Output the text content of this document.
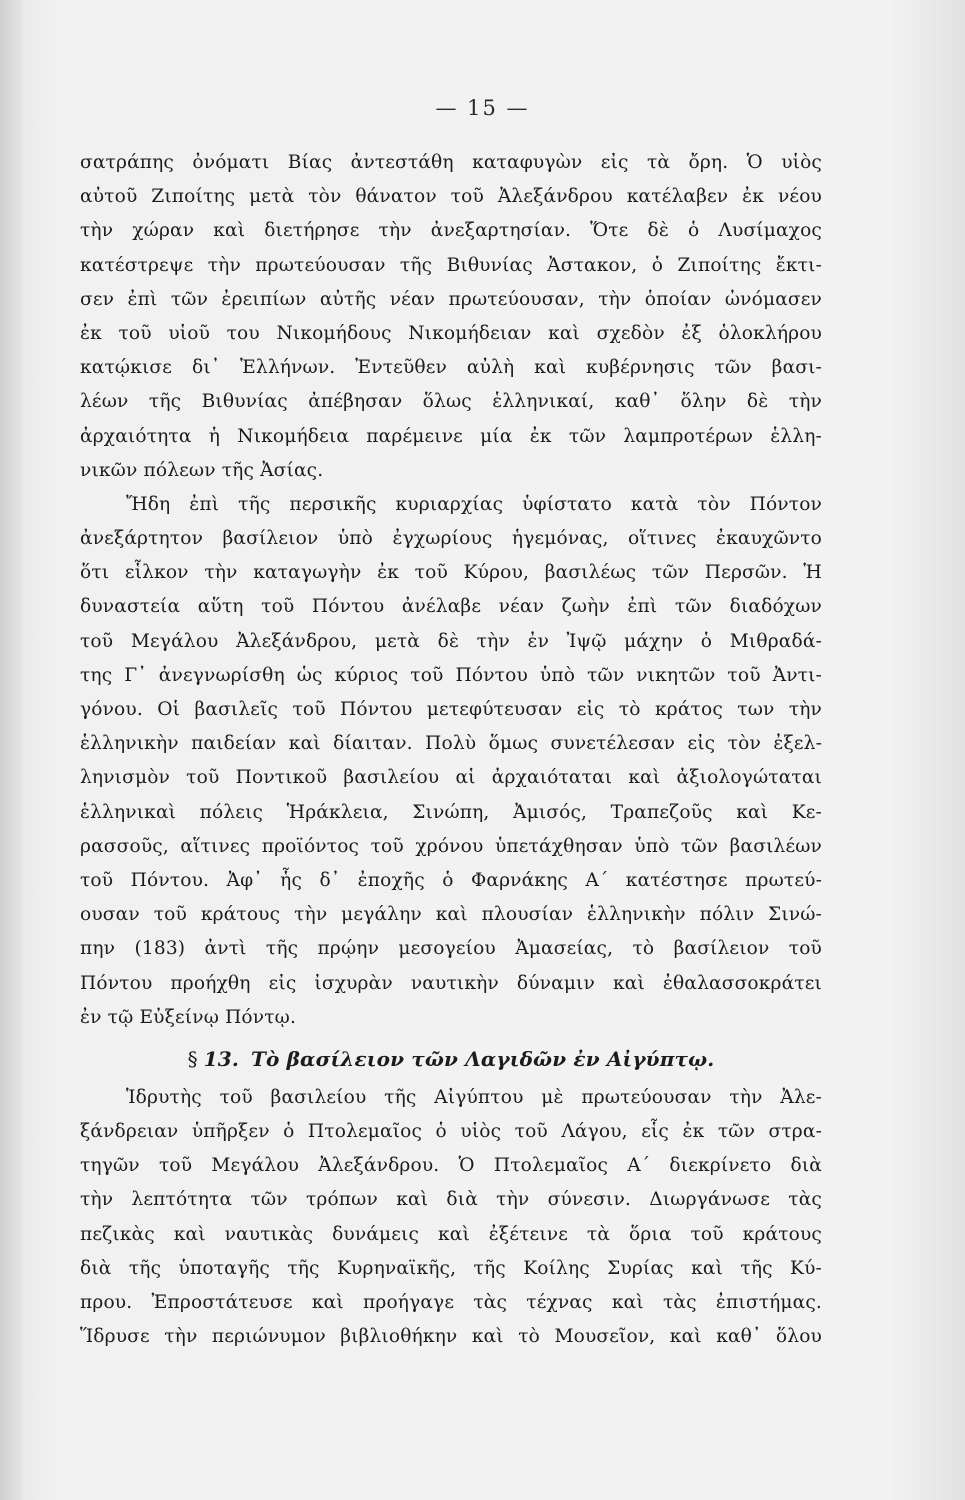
— 15 —
σατράπης ὀνόματι Βίας ἀντεστάθη καταφυγὼν εἰς τὰ ὄρη. Ὁ υἱὸς
αὐτοῦ Ζιποίτης μετὰ τὸν θάνατον τοῦ Ἀλεξάνδρου κατέλαβεν ἐκ νέου
τὴν χώραν καὶ διετήρησε τὴν ἀνεξαρτησίαν. Ὅτε δὲ ὁ Λυσίμαχος
κατέστρεψε τὴν πρωτεύουσαν τῆς Βιθυνίας Ἀστακον, ὁ Ζιποίτης ἔκτι-
σεν ἐπὶ τῶν ἐρειπίων αὐτῆς νέαν πρωτεύουσαν, τὴν ὁποίαν ὠνόμασεν
ἐκ τοῦ υἱοῦ του Νικομήδους Νικομήδειαν καὶ σχεδὸν ἐξ ὁλοκλήρου
κατῴκισε δι᾽ Ἑλλήνων. Ἐντεῦθεν αὐλὴ καὶ κυβέρνησις τῶν βασι-
λέων τῆς Βιθυνίας ἀπέβησαν ὅλως ἑλληνικαί, καθ᾽ ὅλην δὲ τὴν
ἀρχαιότητα ἡ Νικομήδεια παρέμεινε μία ἐκ τῶν λαμπροτέρων ἑλλη-
νικῶν πόλεων τῆς Ἀσίας.
Ἤδη ἐπὶ τῆς περσικῆς κυριαρχίας ὑφίστατο κατὰ τὸν Πόντον
ἀνεξάρτητον βασίλειον ὑπὸ ἐγχωρίους ἡγεμόνας, οἵτινες ἐκαυχῶντο
ὅτι εἷλκον τὴν καταγωγὴν ἐκ τοῦ Κύρου, βασιλέως τῶν Περσῶν. Ἡ
δυναστεία αὕτη τοῦ Πόντου ἀνέλαβε νέαν ζωὴν ἐπὶ τῶν διαδόχων
τοῦ Μεγάλου Ἀλεξάνδρου, μετὰ δὲ τὴν ἐν Ἰψῷ μάχην ὁ Μιθραδά-
της Γ᾽ ἀνεγνωρίσθη ὡς κύριος τοῦ Πόντου ὑπὸ τῶν νικητῶν τοῦ Ἀντι-
γόνου. Οἱ βασιλεῖς τοῦ Πόντου μετεφύτευσαν εἰς τὸ κράτος των τὴν
ἑλληνικὴν παιδείαν καὶ δίαιταν. Πολὺ ὅμως συνετέλεσαν εἰς τὸν ἐξελ-
ληνισμὸν τοῦ Ποντικοῦ βασιλείου αἱ ἀρχαιόταται καὶ ἀξιολογώταται
ἑλληνικαὶ πόλεις Ἡράκλεια, Σινώπη, Ἀμισός, Τραπεζοῦς καὶ Κε-
ρασσοῦς, αἵτινες προϊόντος τοῦ χρόνου ὑπετάχθησαν ὑπὸ τῶν βασιλέων
τοῦ Πόντου. Ἀφ᾽ ἧς δ᾽ ἐποχῆς ὁ Φαρνάκης Α΄ κατέστησε πρωτεύ-
ουσαν τοῦ κράτους τὴν μεγάλην καὶ πλουσίαν ἑλληνικὴν πόλιν Σινώ-
πην (183) ἀντὶ τῆς πρῴην μεσογείου Ἀμασείας, τὸ βασίλειον τοῦ
Πόντου προήχθη εἰς ἰσχυρὰν ναυτικὴν δύναμιν καὶ ἐθαλασσοκράτει
ἐν τῷ Εὐξείνῳ Πόντῳ.
§ 13. Τὸ βασίλειον τῶν Λαγιδῶν ἐν Αἰγύπτῳ.
Ἱδρυτὴς τοῦ βασιλείου τῆς Αἰγύπτου μὲ πρωτεύουσαν τὴν Ἀλε-
ξάνδρειαν ὑπῆρξεν ὁ Πτολεμαῖος ὁ υἱὸς τοῦ Λάγου, εἷς ἐκ τῶν στρα-
τηγῶν τοῦ Μεγάλου Ἀλεξάνδρου. Ὁ Πτολεμαῖος Α΄ διεκρίνετο διὰ
τὴν λεπτότητα τῶν τρόπων καὶ διὰ τὴν σύνεσιν. Διωργάνωσε τὰς
πεζικὰς καὶ ναυτικὰς δυνάμεις καὶ ἐξέτεινε τὰ ὅρια τοῦ κράτους
διὰ τῆς ὑποταγῆς τῆς Κυρηναϊκῆς, τῆς Κοίλης Συρίας καὶ τῆς Κύ-
πρου. Ἐπροστάτευσε καὶ προήγαγε τὰς τέχνας καὶ τὰς ἐπιστήμας.
Ἵδρυσε τὴν περιώνυμον βιβλιοθήκην καὶ τὸ Μουσεῖον, καὶ καθ᾽ ὅλου
